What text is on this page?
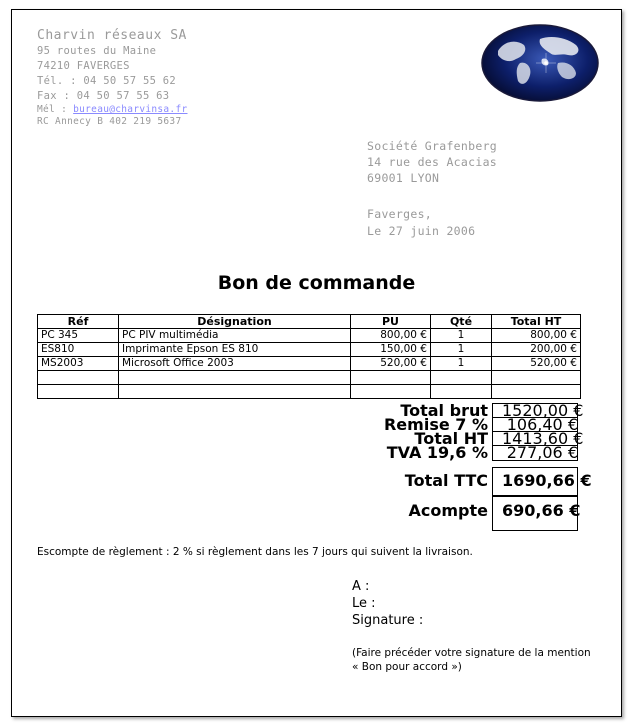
Charvin réseaux SA
95 routes du Maine
74210 FAVERGES
Tél. : 04 50 57 55 62
Fax : 04 50 57 55 63
Mél : bureau@charvinsa.fr
RC Annecy B 402 219 5637
Société Grafenberg
14 rue des Acacias
69001 LYON
Faverges,
Le 27 juin 2006
Bon de commande
Réf	Désignation	PU	Qté	Total HT
PC 345	PC PIV multimédia	800,00 €	1	800,00 €
ES810	Imprimante Epson ES 810	150,00 €	1	200,00 €
MS2003	Microsoft Office 2003	520,00 €	1	520,00 €

Total brut 1520,00 €
Remise 7 % 106,40 €
Total HT 1413,60 €
TVA 19,6 % 277,06 €
Total TTC 1690,66 €
Acompte 690,66 €
Escompte de règlement : 2 % si règlement dans les 7 jours qui suivent la livraison.
A :
Le :
Signature :
(Faire précéder votre signature de la mention « Bon pour accord »)
